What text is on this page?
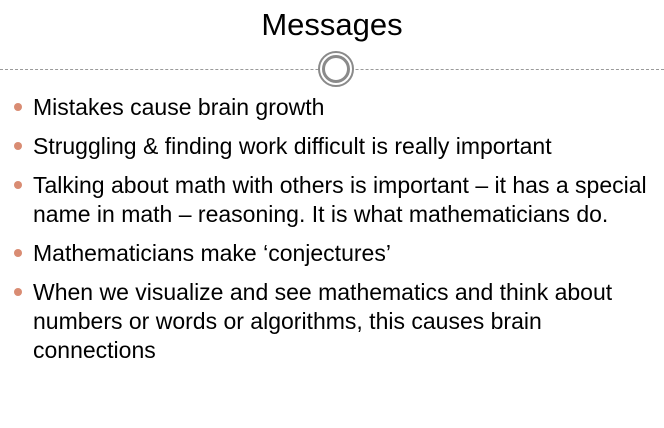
Messages
Mistakes cause brain growth
Struggling & finding work difficult is really important
Talking about math with others is important – it has a special name in math – reasoning. It is what mathematicians do.
Mathematicians make ‘conjectures’
When we visualize and see mathematics and think about numbers or words or algorithms, this causes brain connections
